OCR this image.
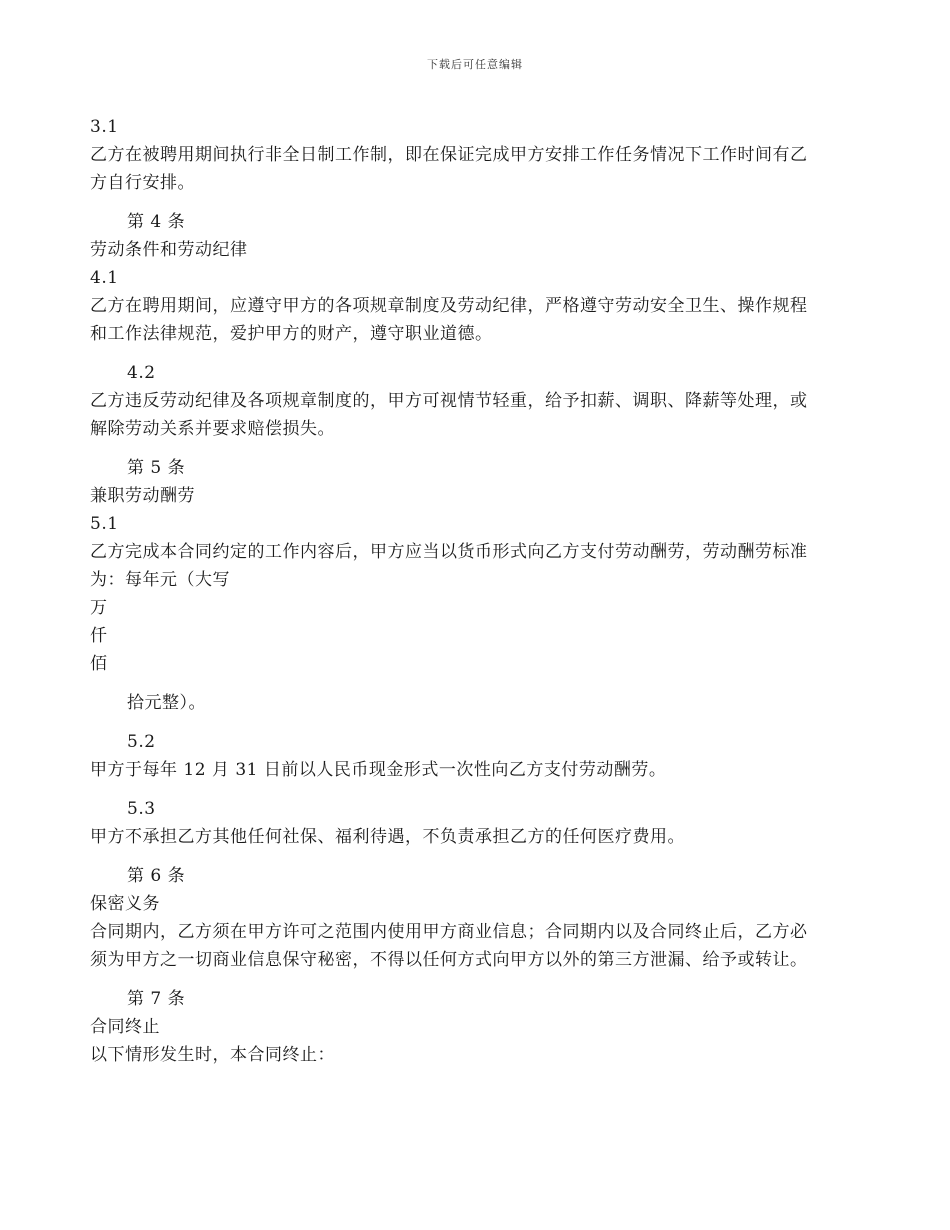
下载后可任意编辑
3.1
乙方在被聘用期间执行非全日制工作制，即在保证完成甲方安排工作任务情况下工作时间有乙
方自行安排。
第 4 条
劳动条件和劳动纪律
4.1
乙方在聘用期间，应遵守甲方的各项规章制度及劳动纪律，严格遵守劳动安全卫生、操作规程
和工作法律规范，爱护甲方的财产，遵守职业道德。
4.2
乙方违反劳动纪律及各项规章制度的，甲方可视情节轻重，给予扣薪、调职、降薪等处理，或
解除劳动关系并要求赔偿损失。
第 5 条
兼职劳动酬劳
5.1
乙方完成本合同约定的工作内容后，甲方应当以货币形式向乙方支付劳动酬劳，劳动酬劳标准
为：每年元（大写
万
仟
佰
拾元整）。
5.2
甲方于每年 12 月 31 日前以人民币现金形式一次性向乙方支付劳动酬劳。
5.3
甲方不承担乙方其他任何社保、福利待遇，不负责承担乙方的任何医疗费用。
第 6 条
保密义务
合同期内，乙方须在甲方许可之范围内使用甲方商业信息；合同期内以及合同终止后，乙方必
须为甲方之一切商业信息保守秘密，不得以任何方式向甲方以外的第三方泄漏、给予或转让。
第 7 条
合同终止
以下情形发生时，本合同终止：
